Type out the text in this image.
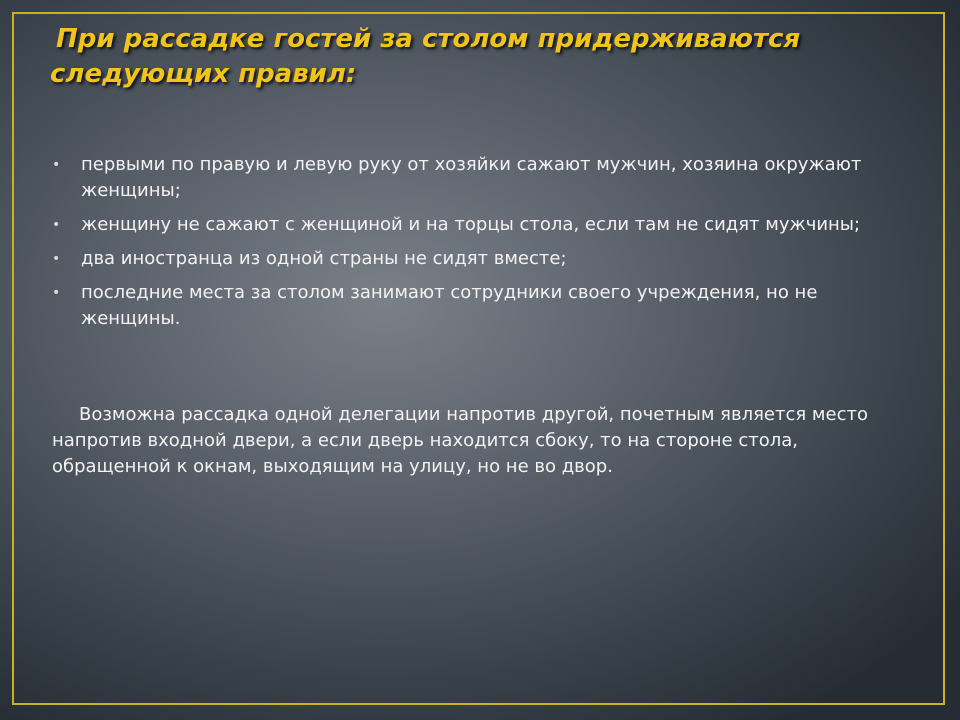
При рассадке гостей за столом придерживаются
следующих правил:
• первыми по правую и левую руку от хозяйки сажают мужчин, хозяина окружают женщины;
• женщину не сажают с женщиной и на торцы стола, если там не сидят мужчины;
• два иностранца из одной страны не сидят вместе;
• последние места за столом занимают сотрудники своего учреждения, но не женщины.

Возможна рассадка одной делегации напротив другой, почетным является место напротив входной двери, а если дверь находится сбоку, то на стороне стола, обращенной к окнам, выходящим на улицу, но не во двор.
